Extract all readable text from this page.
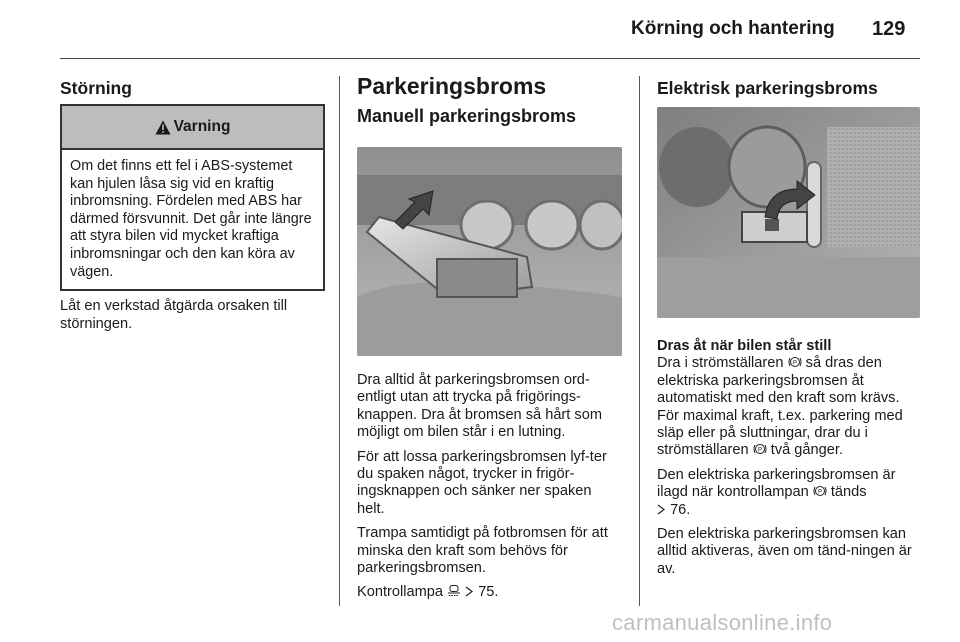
Körning och hantering 129
Störning
Varning
Om det finns ett fel i ABS-systemet kan hjulen låsa sig vid en kraftig inbromsning. Fördelen med ABS har därmed försvunnit. Det går inte längre att styra bilen vid mycket kraftiga inbromsningar och den kan köra av vägen.
Låt en verkstad åtgärda orsaken till störningen.
Parkeringsbroms
Manuell parkeringsbroms

Dra alltid åt parkeringsbromsen ord-entligt utan att trycka på frigörings-knappen. Dra åt bromsen så hårt som möjligt om bilen står i en lutning.

För att lossa parkeringsbromsen lyf-ter du spaken något, trycker in frigör-ingsknappen och sänker ner spaken helt.

Trampa samtidigt på fotbromsen för att minska den kraft som behövs för parkeringsbromsen.

Kontrollampa 75.

Elektrisk parkeringsbroms

Dras åt när bilen står still

Dra i strömställaren P så dras den elektriska parkeringsbromsen åt automatiskt med den kraft som krävs. För maximal kraft, t.ex. parkering med släp eller på sluttningar, drar du i strömställaren P två gånger.

Den elektriska parkeringsbromsen är ilagd när kontrollampan P tänds
76.

Den elektriska parkeringsbromsen kan alltid aktiveras, även om tänd-ningen är av.

carmanualsonline.info
